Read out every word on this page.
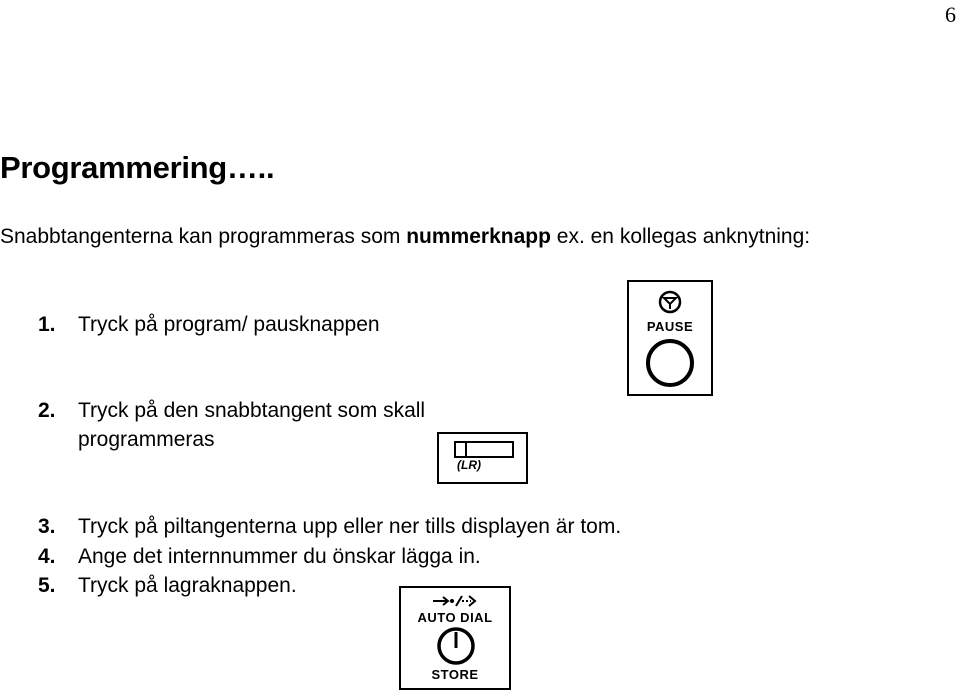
6
Programmering…..

Snabbtangenterna kan programmeras som nummerknapp ex. en kollegas anknytning:

1. Tryck på program/ pausknappen
2. Tryck på den snabbtangent som skall
programmeras
3. Tryck på piltangenterna upp eller ner tills displayen är tom.
4. Ange det internnummer du önskar lägga in.
5. Tryck på lagraknappen.
PAUSE
(LR)
AUTO DIAL
STORE
